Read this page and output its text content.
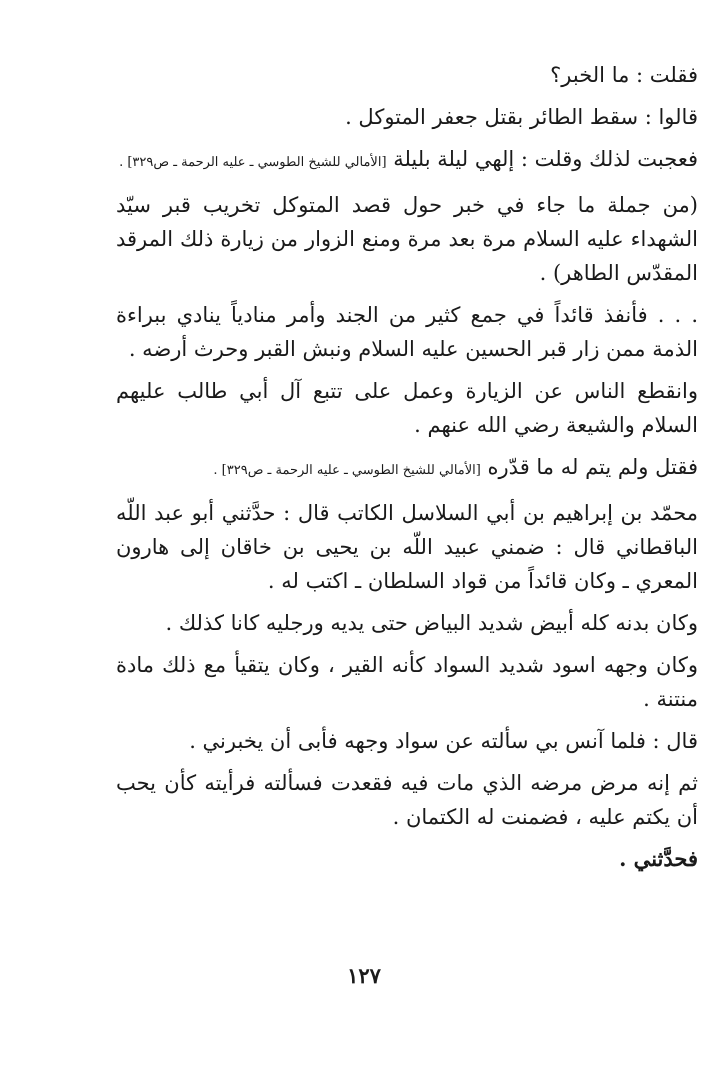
فقلت : ما الخبر؟

قالوا : سقط الطائر بقتل جعفر المتوكل .

فعجبت لذلك وقلت : إلهي ليلة بليلة [الأمالي للشيخ الطوسي ـ عليه الرحمة ـ ص٣٢٩] .

(من جملة ما جاء في خبر حول قصد المتوكل تخريب قبر سيّد الشهداء عليه السلام مرة بعد مرة ومنع الزوار من زيارة ذلك المرقد المقدّس الطاهر) .
. . . فأنفذ قائداً في جمع كثير من الجند وأمر منادياً ينادي ببراءة الذمة ممن زار قبر الحسين عليه السلام ونبش القبر وحرث أرضه .
وانقطع الناس عن الزيارة وعمل على تتبع آل أبي طالب عليهم السلام والشيعة رضي الله عنهم .
فقتل ولم يتم له ما قدّره [الأمالي للشيخ الطوسي ـ عليه الرحمة ـ ص٣٢٩] .
محمّد بن إبراهيم بن أبي السلاسل الكاتب قال : حدَّثني أبو عبد اللّه الباقطاني قال : ضمني عبيد اللّه بن يحيى بن خاقان إلى هارون المعري ـ وكان قائداً من قواد السلطان ـ اكتب له .
وكان بدنه كله أبيض شديد البياض حتى يديه ورجليه كانا كذلك .
وكان وجهه اسود شديد السواد كأنه القير ، وكان يتقيأ مع ذلك مادة منتنة .
قال : فلما آنس بي سألته عن سواد وجهه فأبى أن يخبرني .
ثم إنه مرض مرضه الذي مات فيه فقعدت فسألته فرأيته كأن يحب أن يكتم عليه ، فضمنت له الكتمان .
فحدَّثني .
١٢٧
